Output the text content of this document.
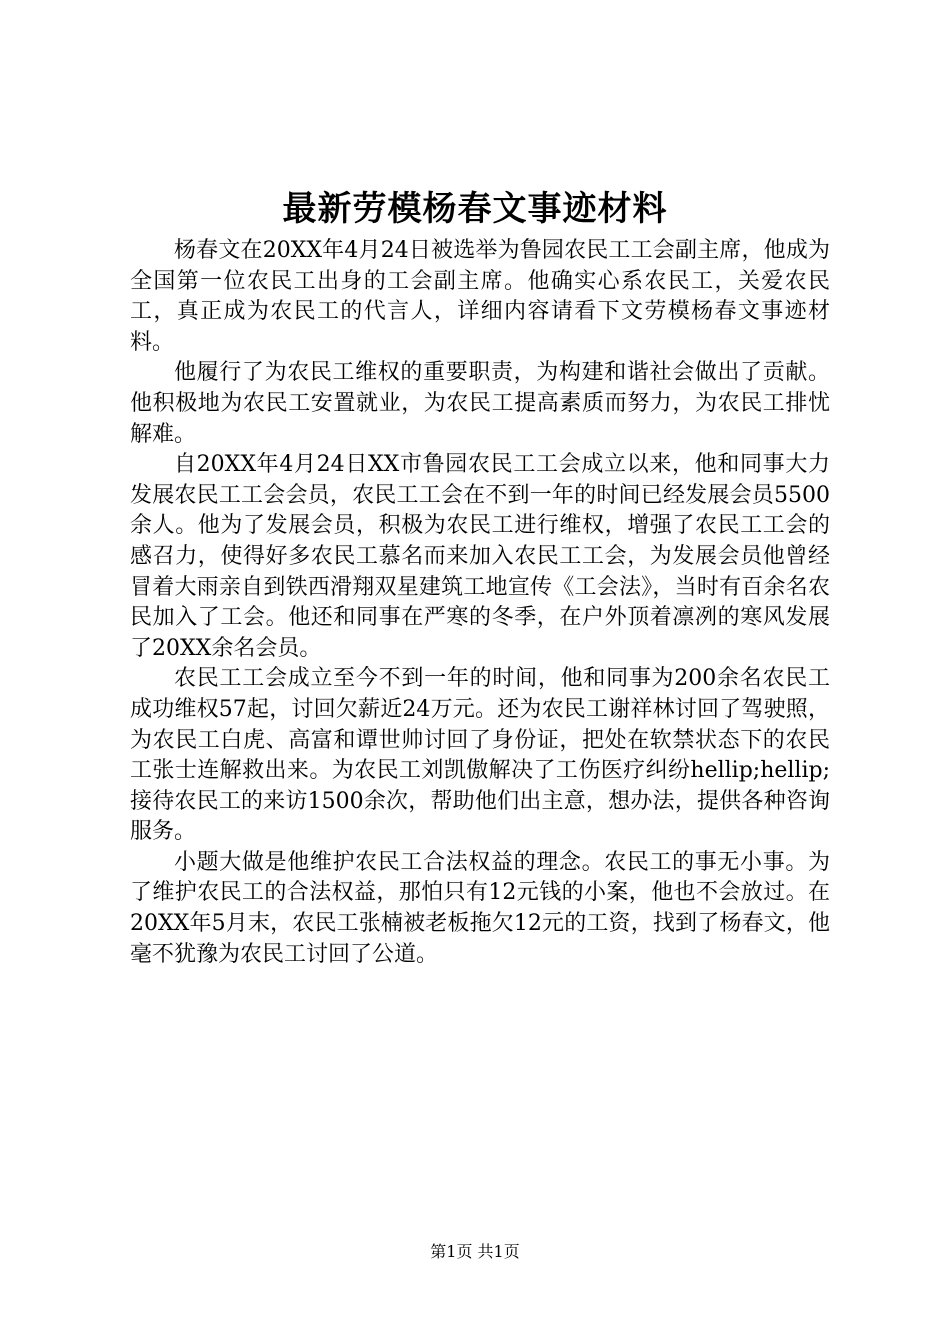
最新劳模杨春文事迹材料

杨春文在20XX年4月24日被选举为鲁园农民工工会副主席，他成为全国第一位农民工出身的工会副主席。他确实心系农民工，关爱农民工，真正成为农民工的代言人，详细内容请看下文劳模杨春文事迹材料。

他履行了为农民工维权的重要职责，为构建和谐社会做出了贡献。他积极地为农民工安置就业，为农民工提高素质而努力，为农民工排忧解难。

自20XX年4月24日XX市鲁园农民工工会成立以来，他和同事大力发展农民工工会会员，农民工工会在不到一年的时间已经发展会员5500余人。他为了发展会员，积极为农民工进行维权，增强了农民工工会的感召力，使得好多农民工慕名而来加入农民工工会，为发展会员他曾经冒着大雨亲自到铁西滑翔双星建筑工地宣传《工会法》，当时有百余名农民加入了工会。他还和同事在严寒的冬季，在户外顶着凛冽的寒风发展了20XX余名会员。

农民工工会成立至今不到一年的时间，他和同事为200余名农民工成功维权57起，讨回欠薪近24万元。还为农民工谢祥林讨回了驾驶照，为农民工白虎、高富和谭世帅讨回了身份证，把处在软禁状态下的农民工张士连解救出来。为农民工刘凯傲解决了工伤医疗纠纷hellip;hellip;接待农民工的来访1500余次，帮助他们出主意，想办法，提供各种咨询服务。

小题大做是他维护农民工合法权益的理念。农民工的事无小事。为了维护农民工的合法权益，那怕只有12元钱的小案，他也不会放过。在20XX年5月末，农民工张楠被老板拖欠12元的工资，找到了杨春文，他毫不犹豫为农民工讨回了公道。

第1页 共1页
